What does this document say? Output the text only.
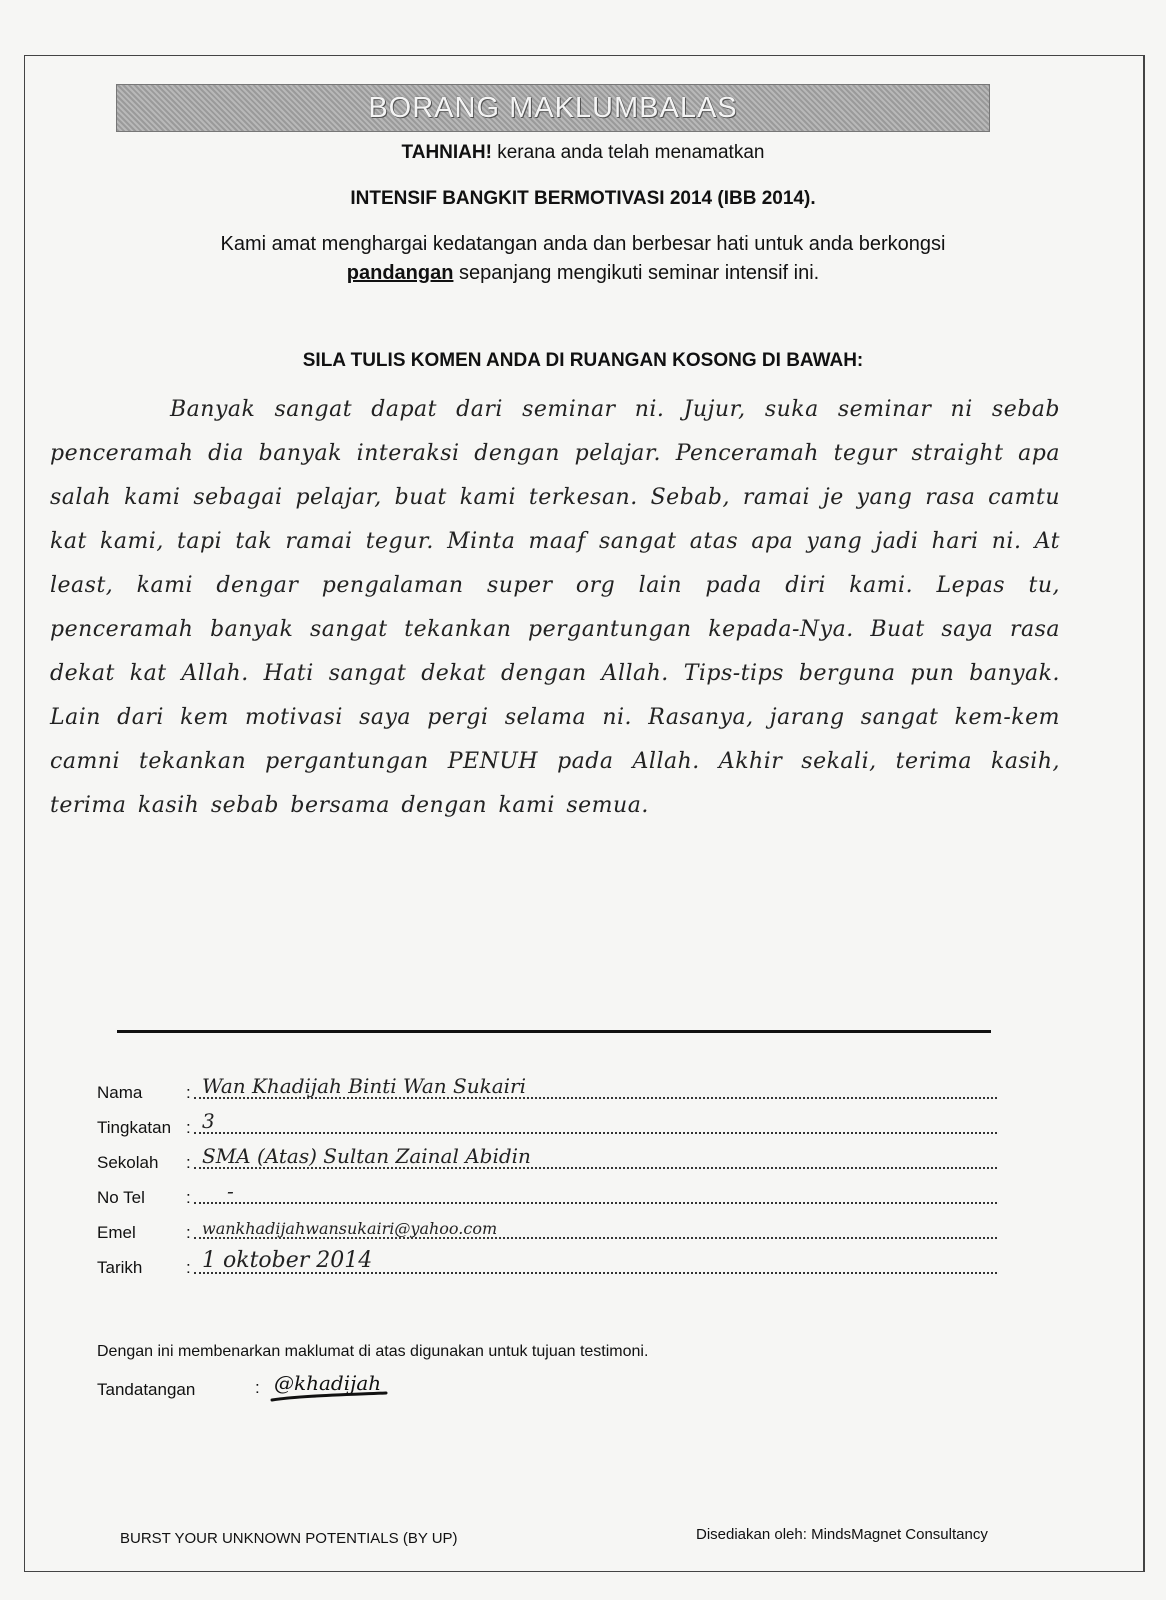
BORANG MAKLUMBALAS
TAHNIAH! kerana anda telah menamatkan
INTENSIF BANGKIT BERMOTIVASI 2014 (IBB 2014).
Kami amat menghargai kedatangan anda dan berbesar hati untuk anda berkongsi
pandangan sepanjang mengikuti seminar intensif ini.
SILA TULIS KOMEN ANDA DI RUANGAN KOSONG DI BAWAH:
Banyak sangat dapat dari seminar ni. Jujur, suka seminar ni sebab penceramah dia banyak interaksi dengan pelajar. Penceramah tegur straight apa salah kami sebagai pelajar, buat kami terkesan. Sebab, ramai je yang rasa camtu kat kami, tapi tak ramai tegur. Minta maaf sangat atas apa yang jadi hari ni. At least, kami dengar pengalaman super org lain pada diri kami. Lepas tu, penceramah banyak sangat tekankan pergantungan kepada-Nya. Buat saya rasa dekat kat Allah. Hati sangat dekat dengan Allah. Tips-tips berguna pun banyak. Lain dari kem motivasi saya pergi selama ni. Rasanya, jarang sangat kem-kem camni tekankan pergantungan PENUH pada Allah. Akhir sekali, terima kasih, terima kasih sebab bersama dengan kami semua.
Nama	: Wan Khadijah Binti Wan Sukairi
Tingkatan : 3
Sekolah : SMA (Atas) Sultan Zainal Abidin
No Tel : -
Emel	: wankhadijahwansukairi@yahoo.com
Tarikh	: 1 oktober 2014
Dengan ini membenarkan maklumat di atas digunakan untuk tujuan testimoni.
Tandatangan	: @khadijah
BURST YOUR UNKNOWN POTENTIALS (BY UP)	Disediakan oleh: MindsMagnet Consultancy
